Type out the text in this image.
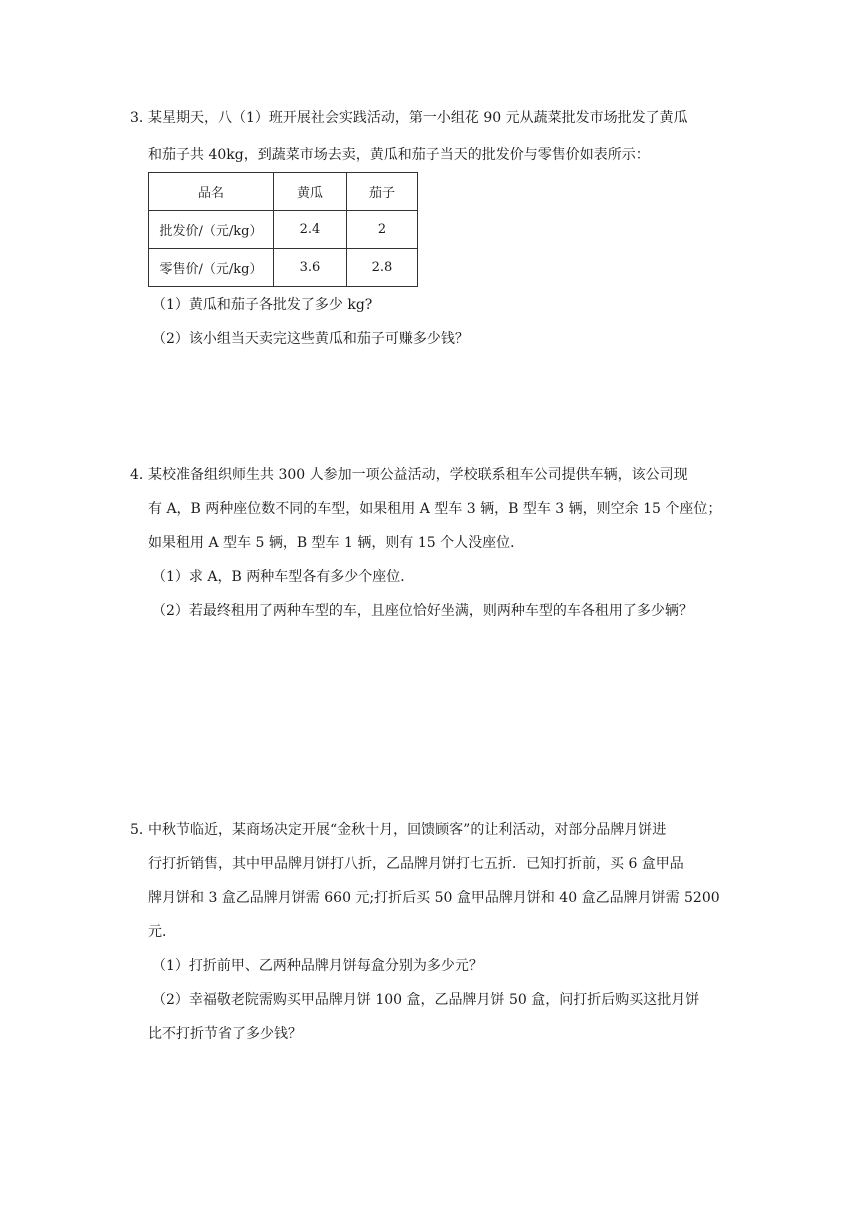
3．
某星期天，八（1）班开展社会实践活动，第一小组花 90 元从蔬菜批发市场批发了黄瓜
和茄子共 40kg，到蔬菜市场去卖，黄瓜和茄子当天的批发价与零售价如表所示：
品名	黄瓜	茄子
批发价/（元/kg）	2.4	2
零售价/（元/kg）	3.6	2.8
（1）黄瓜和茄子各批发了多少 kg?
（2）该小组当天卖完这些黄瓜和茄子可赚多少钱？
4．
某校准备组织师生共 300 人参加一项公益活动，学校联系租车公司提供车辆，该公司现
有 A，B 两种座位数不同的车型，如果租用 A 型车 3 辆，B 型车 3 辆，则空余 15 个座位；
如果租用 A 型车 5 辆，B 型车 1 辆，则有 15 个人没座位．
（1）求 A，B 两种车型各有多少个座位．
（2）若最终租用了两种车型的车，且座位恰好坐满，则两种车型的车各租用了多少辆？
5．
中秋节临近，某商场决定开展“金秋十月，回馈顾客”的让利活动，对部分品牌月饼进
行打折销售，其中甲品牌月饼打八折，乙品牌月饼打七五折．已知打折前，买 6 盒甲品
牌月饼和 3 盒乙品牌月饼需 660 元;打折后买 50 盒甲品牌月饼和 40 盒乙品牌月饼需 5200
元．
（1）打折前甲、乙两种品牌月饼每盒分别为多少元？
（2）幸福敬老院需购买甲品牌月饼 100 盒，乙品牌月饼 50 盒，问打折后购买这批月饼
比不打折节省了多少钱？
